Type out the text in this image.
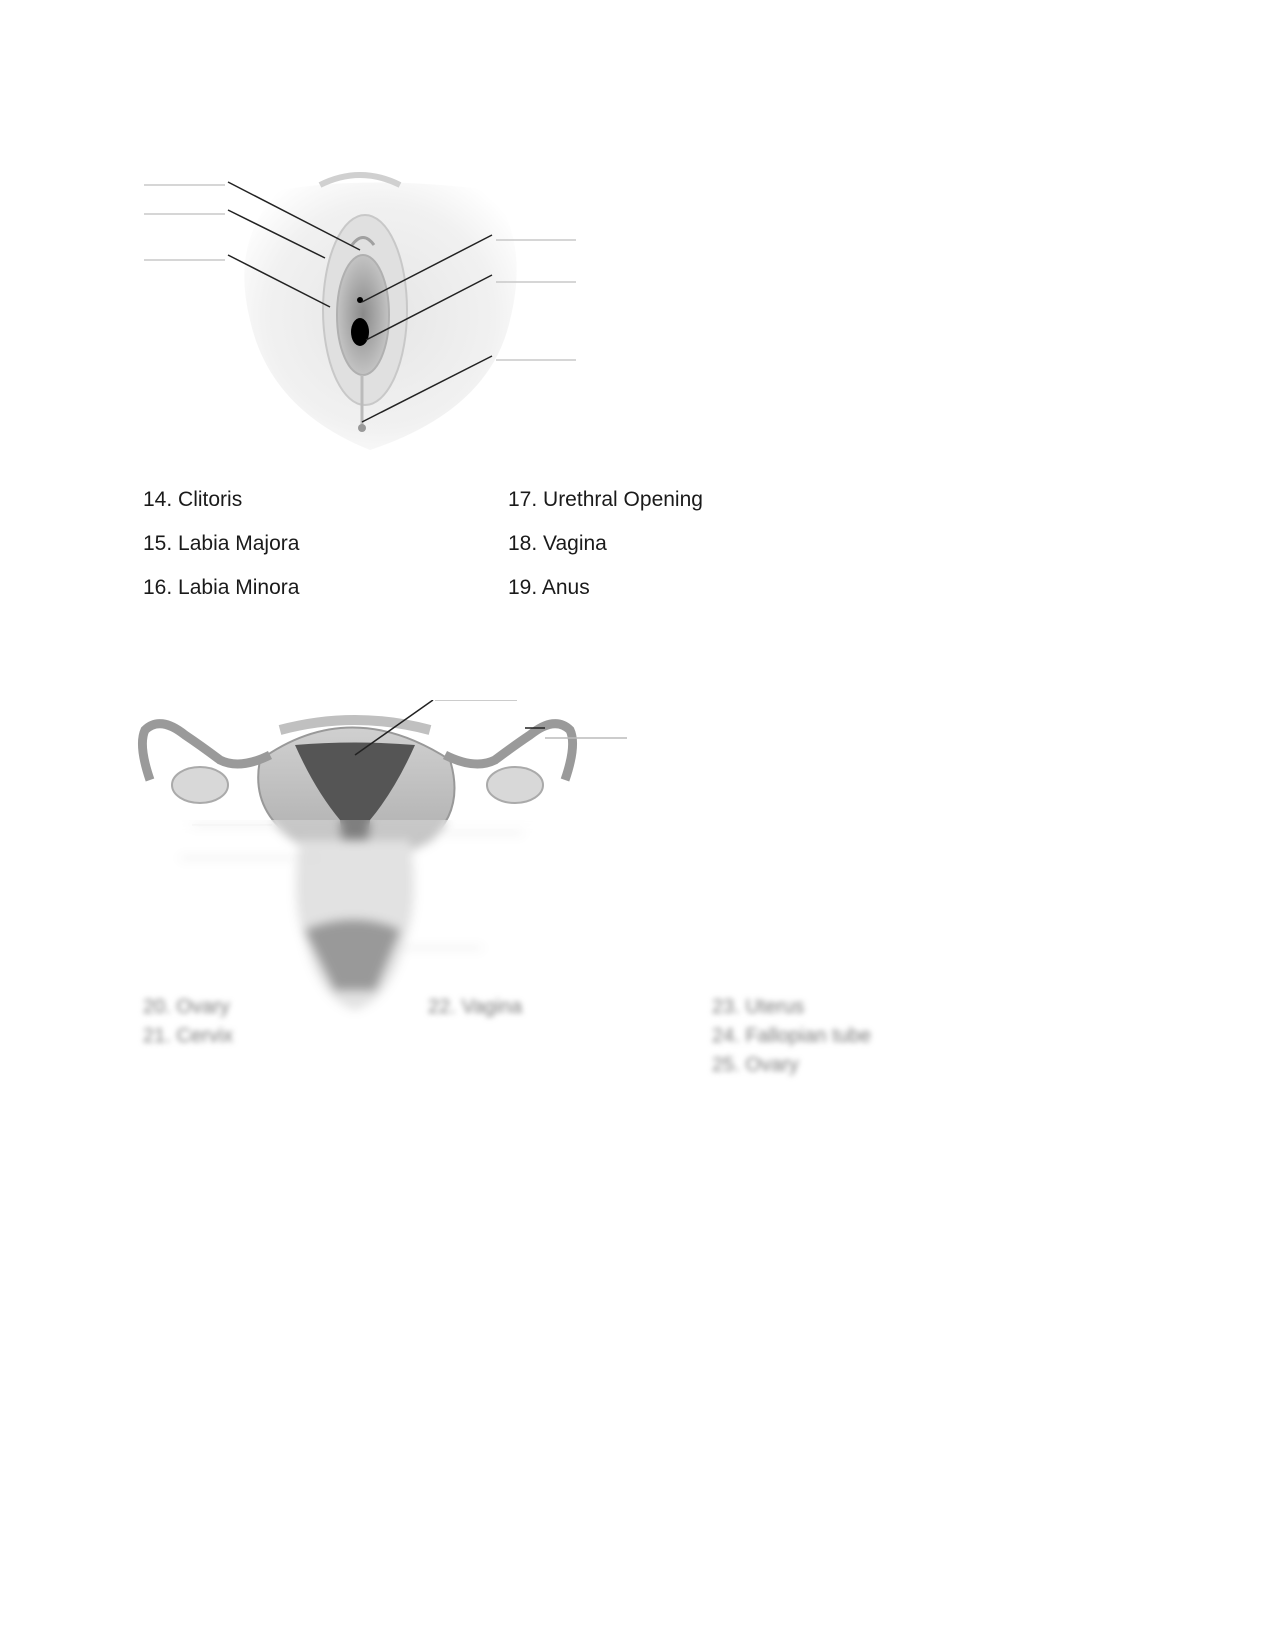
14. Clitoris
15. Labia Majora
16. Labia Minora
17. Urethral Opening
18. Vagina
19. Anus
20. Ovary
21. Cervix
22. Vagina	23. Uterus
24. Fallopian tube
25. Ovary
